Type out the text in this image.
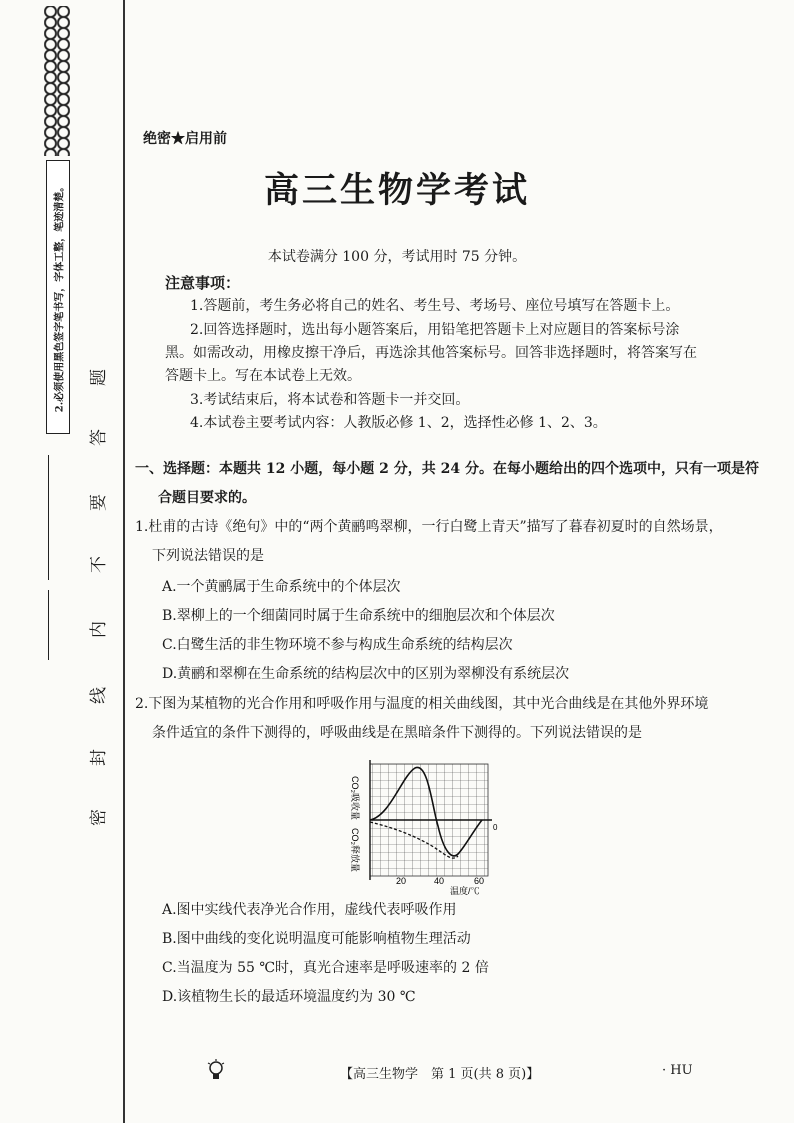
2.必须使用黑色签字笔书写，字体工整，笔迹清楚。 题
答
要
不
内
线
封
密
绝密★启用前
高三生物学考试
本试卷满分 100 分，考试用时 75 分钟。
注意事项：
1.答题前，考生务必将自己的姓名、考生号、考场号、座位号填写在答题卡上。
2.回答选择题时，选出每小题答案后，用铅笔把答题卡上对应题目的答案标号涂
黑。如需改动，用橡皮擦干净后，再选涂其他答案标号。回答非选择题时，将答案写在
答题卡上。写在本试卷上无效。
3.考试结束后，将本试卷和答题卡一并交回。
4.本试卷主要考试内容：人教版必修 1、2，选择性必修 1、2、3。
一、选择题：本题共 12 小题，每小题 2 分，共 24 分。在每小题给出的四个选项中，只有一项是符
合题目要求的。
1.杜甫的古诗《绝句》中的“两个黄鹂鸣翠柳，一行白鹭上青天”描写了暮春初夏时的自然场景，
下列说法错误的是
A.一个黄鹂属于生命系统中的个体层次
B.翠柳上的一个细菌同时属于生命系统中的细胞层次和个体层次
C.白鹭生活的非生物环境不参与构成生命系统的结构层次
D.黄鹂和翠柳在生命系统的结构层次中的区别为翠柳没有系统层次
2.下图为某植物的光合作用和呼吸作用与温度的相关曲线图，其中光合曲线是在其他外界环境
条件适宜的条件下测得的，呼吸曲线是在黑暗条件下测得的。下列说法错误的是
CO₂吸收量
CO₂释放量
20	40	60
温度/℃
0
A.图中实线代表净光合作用，虚线代表呼吸作用
B.图中曲线的变化说明温度可能影响植物生理活动
C.当温度为 55 ℃时，真光合速率是呼吸速率的 2 倍
D.该植物生长的最适环境温度约为 30 ℃
【高三生物学　第 1 页(共 8 页)】	· HU
